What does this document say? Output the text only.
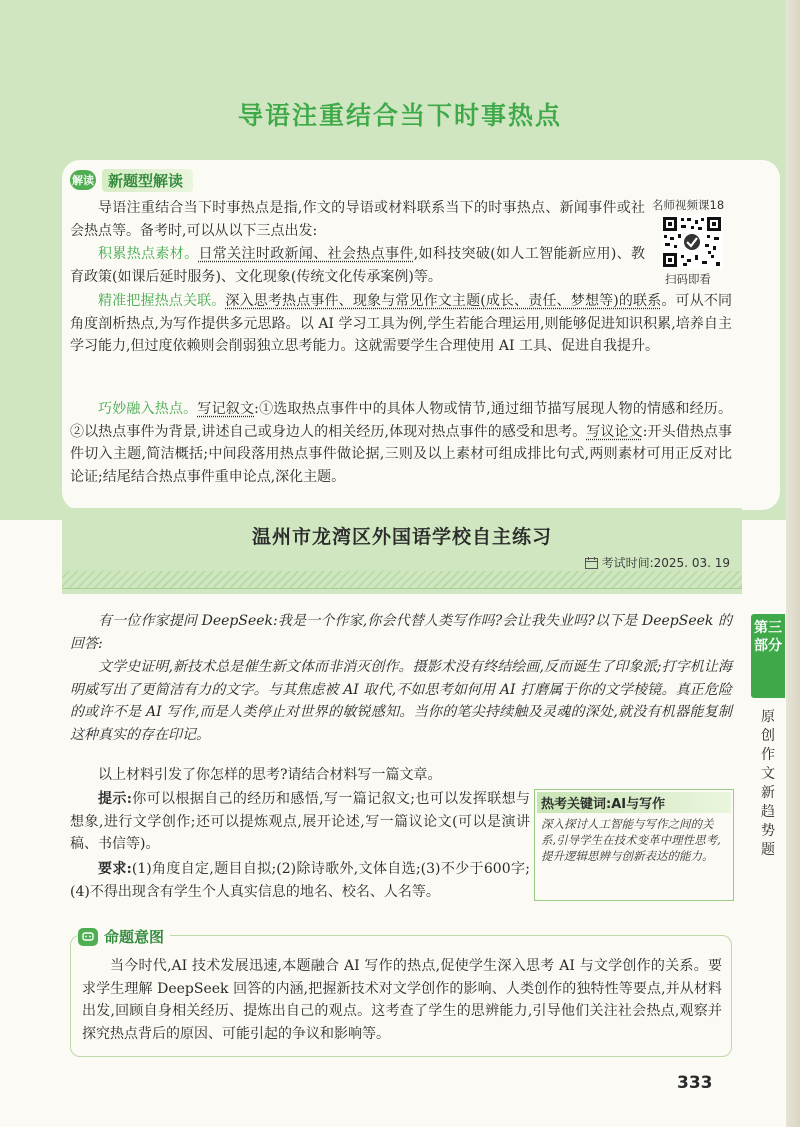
导语注重结合当下时事热点
解读 新题型解读
导语注重结合当下时事热点是指,作文的导语或材料联系当下的时事热点、新闻事件或社会热点等。备考时,可以从以下三点出发:
名师视频课18
扫码即看
积累热点素材。日常关注时政新闻、社会热点事件,如科技突破(如人工智能新应用)、教育政策(如课后延时服务)、文化现象(传统文化传承案例)等。
精准把握热点关联。深入思考热点事件、现象与常见作文主题(成长、责任、梦想等)的联系。可从不同角度剖析热点,为写作提供多元思路。以 AI 学习工具为例,学生若能合理运用,则能够促进知识积累,培养自主学习能力,但过度依赖则会削弱独立思考能力。这就需要学生合理使用 AI 工具、促进自我提升。
巧妙融入热点。写记叙文:①选取热点事件中的具体人物或情节,通过细节描写展现人物的情感和经历。②以热点事件为背景,讲述自己或身边人的相关经历,体现对热点事件的感受和思考。写议论文:开头借热点事件切入主题,简洁概括;中间段落用热点事件做论据,三则及以上素材可组成排比句式,两则素材可用正反对比论证;结尾结合热点事件重申论点,深化主题。
温州市龙湾区外国语学校自主练习
考试时间:2025. 03. 19
有一位作家提问 DeepSeek:我是一个作家,你会代替人类写作吗?会让我失业吗?以下是 DeepSeek 的回答:
文学史证明,新技术总是催生新文体而非消灭创作。摄影术没有终结绘画,反而诞生了印象派;打字机让海明威写出了更简洁有力的文字。与其焦虑被 AI 取代,不如思考如何用 AI 打磨属于你的文学棱镜。真正危险的或许不是 AI 写作,而是人类停止对世界的敏锐感知。当你的笔尖持续触及灵魂的深处,就没有机器能复制这种真实的存在印记。
以上材料引发了你怎样的思考?请结合材料写一篇文章。
提示:你可以根据自己的经历和感悟,写一篇记叙文;也可以发挥联想与想象,进行文学创作;还可以提炼观点,展开论述,写一篇议论文(可以是演讲稿、书信等)。
要求:(1)角度自定,题目自拟;(2)除诗歌外,文体自选;(3)不少于600字;(4)不得出现含有学生个人真实信息的地名、校名、人名等。
热考关键词:AI与写作
深入探讨人工智能与写作之间的关系,引导学生在技术变革中理性思考,提升逻辑思辨与创新表达的能力。
第三部分
原创作文新趋势题
命题意图
当今时代,AI 技术发展迅速,本题融合 AI 写作的热点,促使学生深入思考 AI 与文学创作的关系。要求学生理解 DeepSeek 回答的内涵,把握新技术对文学创作的影响、人类创作的独特性等要点,并从材料出发,回顾自身相关经历、提炼出自己的观点。这考查了学生的思辨能力,引导他们关注社会热点,观察并探究热点背后的原因、可能引起的争议和影响等。
333
